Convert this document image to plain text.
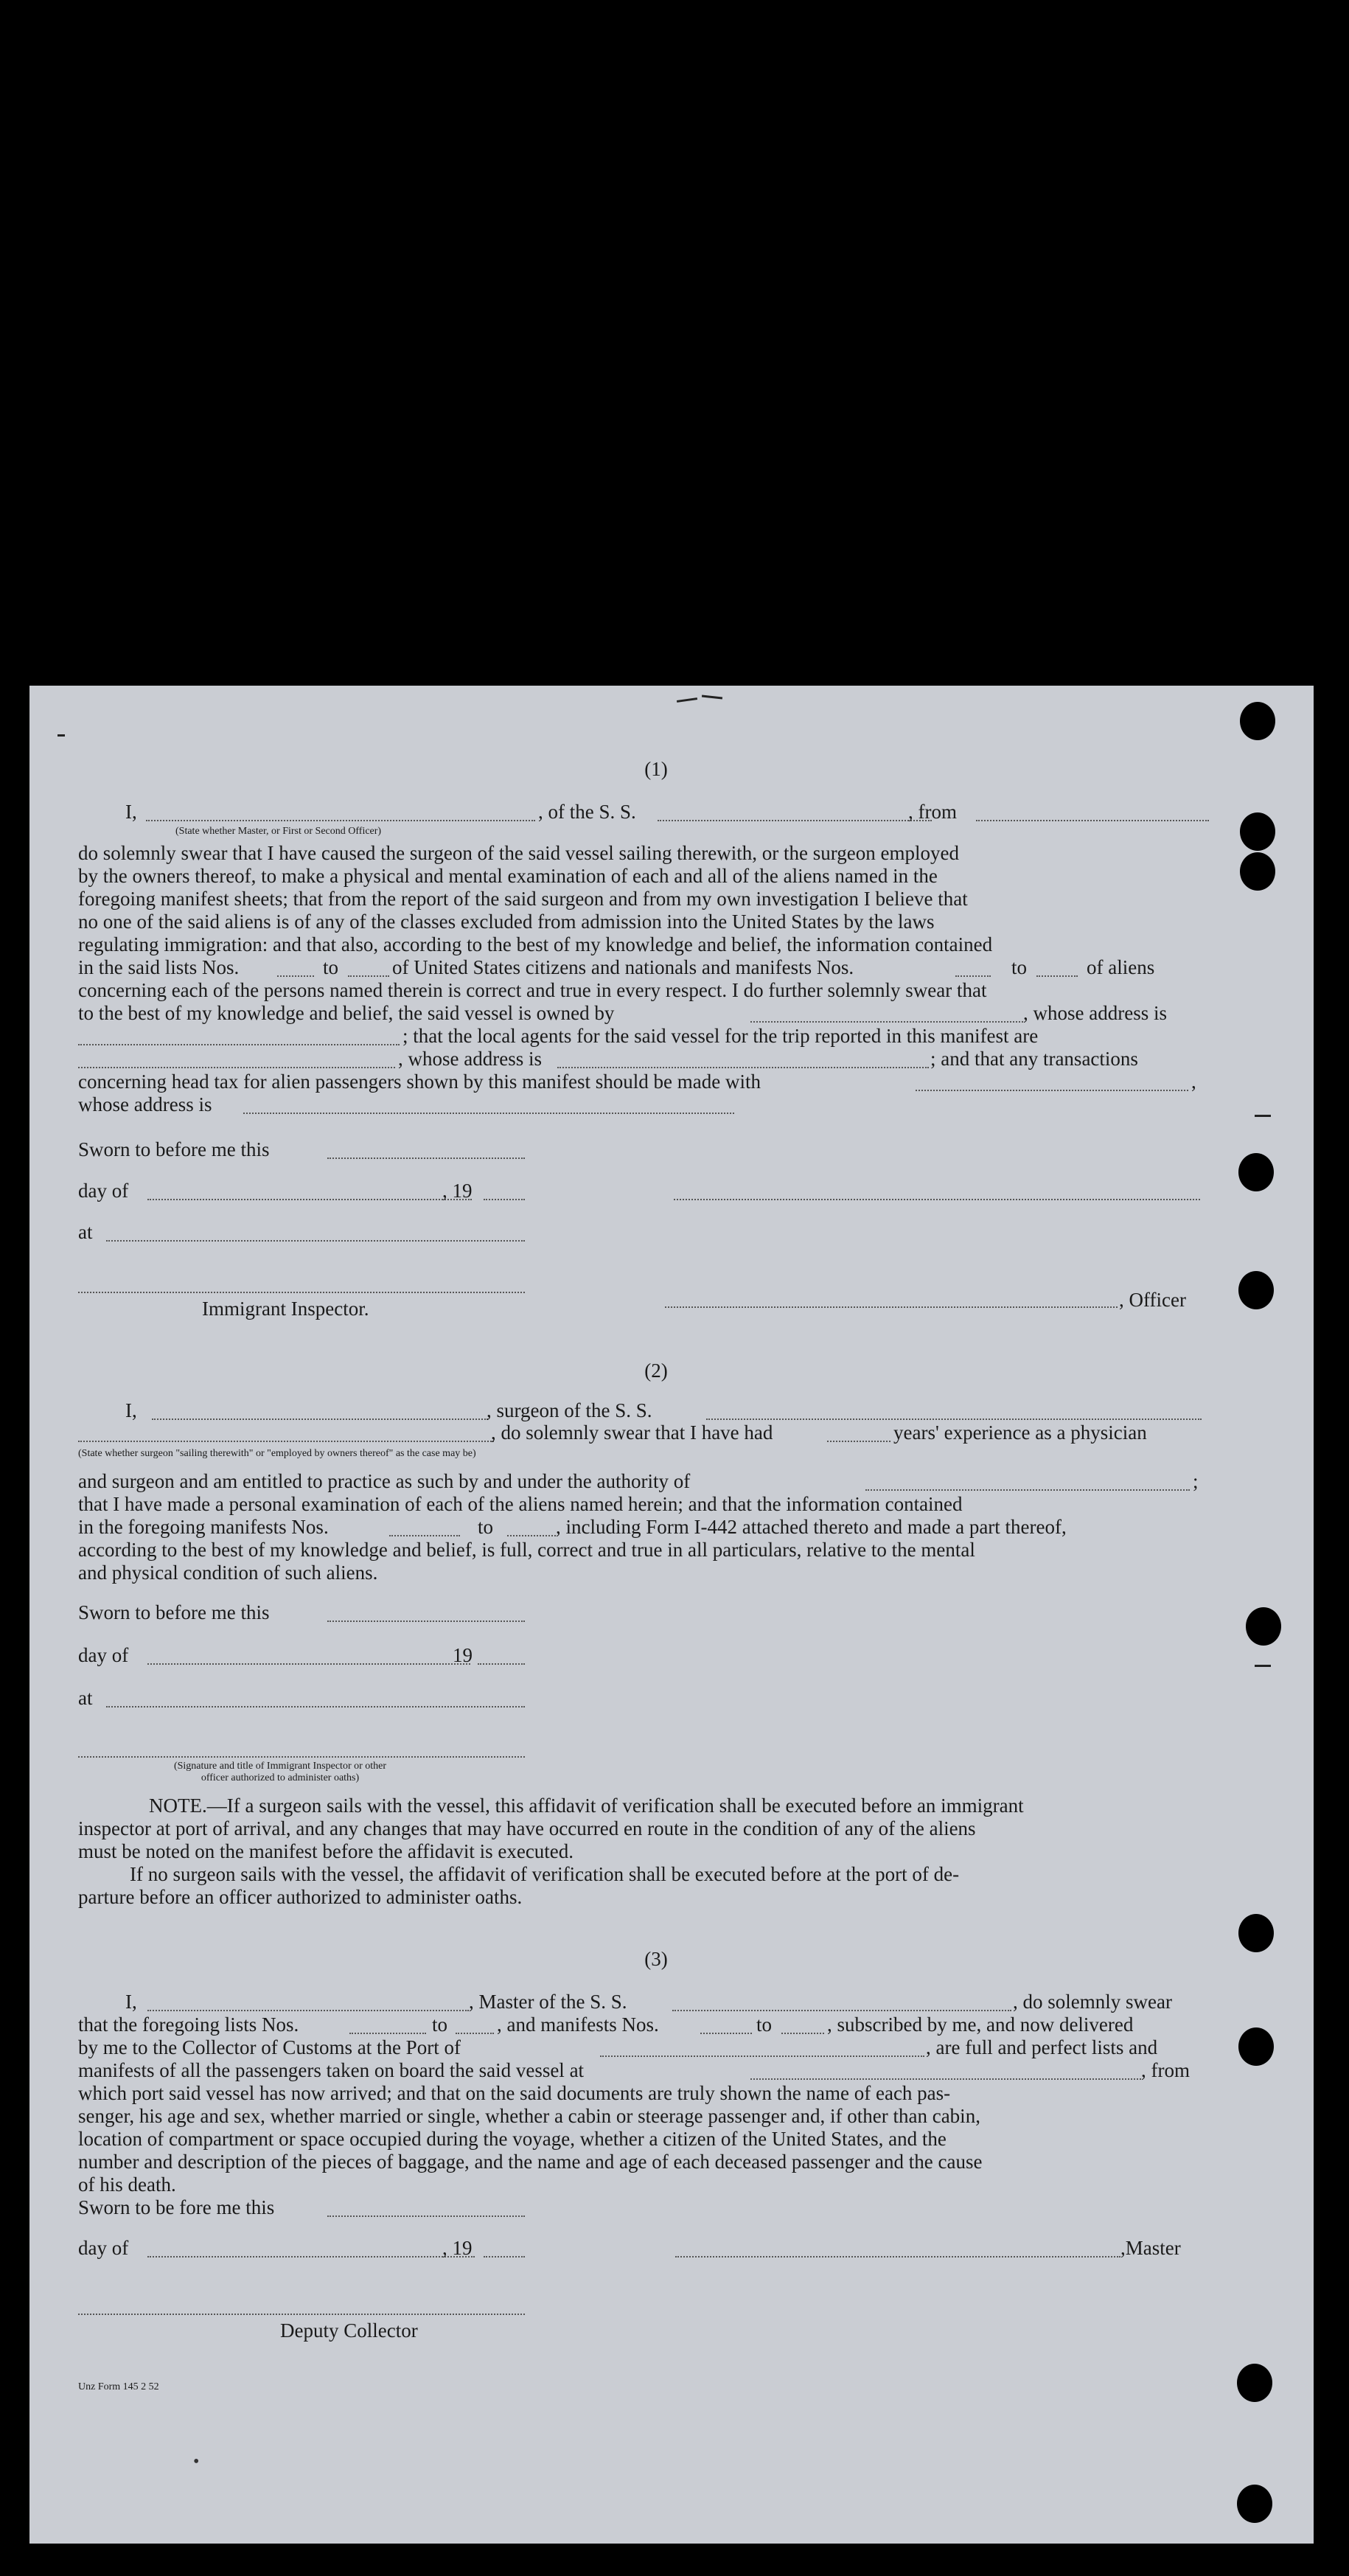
(1)
I,	, of the S. S.	, from
(State whether Master, or First or Second Officer)
do solemnly swear that I have caused the surgeon of the said vessel sailing therewith, or the surgeon employed
by the owners thereof, to make a physical and mental examination of each and all of the aliens named in the
foregoing manifest sheets; that from the report of the said surgeon and from my own investigation I believe that
no one of the said aliens is of any of the classes excluded from admission into the United States by the laws
regulating immigration: and that also, according to the best of my knowledge and belief, the information contained
in the said lists Nos.	to	of United States citizens and nationals and manifests Nos.	to	of aliens
concerning each of the persons named therein is correct and true in every respect. I do further solemnly swear that
to the best of my knowledge and belief, the said vessel is owned by	, whose address is
; that the local agents for the said vessel for the trip reported in this manifest are
, whose address is	; and that any transactions
concerning head tax for alien passengers shown by this manifest should be made with	,
whose address is
Sworn to before me this
day of	, 19
at
Immigrant Inspector.	, Officer
(2)
I,	, surgeon of the S. S.
, do solemnly swear that I have had	years' experience as a physician
(State whether surgeon "sailing therewith" or "employed by owners thereof" as the case may be)
and surgeon and am entitled to practice as such by and under the authority of	;
that I have made a personal examination of each of the aliens named herein; and that the information contained
in the foregoing manifests Nos.	to	, including Form I-442 attached thereto and made a part thereof,
according to the best of my knowledge and belief, is full, correct and true in all particulars, relative to the mental
and physical condition of such aliens.
Sworn to before me this
day of	19
at
(Signature and title of Immigrant Inspector or other
officer authorized to administer oaths)
NOTE.—If a surgeon sails with the vessel, this affidavit of verification shall be executed before an immigrant
inspector at port of arrival, and any changes that may have occurred en route in the condition of any of the aliens
must be noted on the manifest before the affidavit is executed.
If no surgeon sails with the vessel, the affidavit of verification shall be executed before at the port of de-
parture before an officer authorized to administer oaths.
(3)
I,	, Master of the S. S.	, do solemnly swear
that the foregoing lists Nos.	to , and manifests Nos.	to	, subscribed by me, and now delivered
by me to the Collector of Customs at the Port of	, are full and perfect lists and
manifests of all the passengers taken on board the said vessel at	, from
which port said vessel has now arrived; and that on the said documents are truly shown the name of each pas-
senger, his age and sex, whether married or single, whether a cabin or steerage passenger and, if other than cabin,
location of compartment or space occupied during the voyage, whether a citizen of the United States, and the
number and description of the pieces of baggage, and the name and age of each deceased passenger and the cause
of his death.
Sworn to be fore me this
day of	, 19	,Master
Deputy Collector
Unz Form 145 2 52
•
